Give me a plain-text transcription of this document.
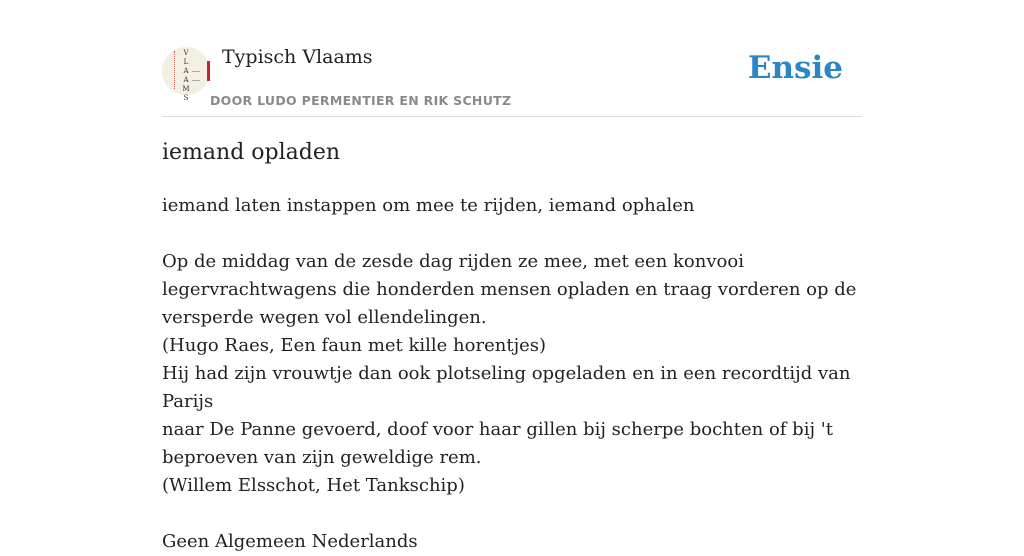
V
L
A
A
M
S
Typisch Vlaams
DOOR LUDO PERMENTIER EN RIK SCHUTZ
Ensie
iemand opladen

iemand laten instappen om mee te rijden, iemand ophalen

Op de middag van de zesde dag rijden ze mee, met een konvooi

legervrachtwagens die honderden mensen opladen en traag vorderen op de

versperde wegen vol ellendelingen.

(Hugo Raes, Een faun met kille horentjes)

Hij had zijn vrouwtje dan ook plotseling opgeladen en in een recordtijd van Parijs

naar De Panne gevoerd, doof voor haar gillen bij scherpe bochten of bij 't

beproeven van zijn geweldige rem.

(Willem Elsschot, Het Tankschip)

Geen Algemeen Nederlands
